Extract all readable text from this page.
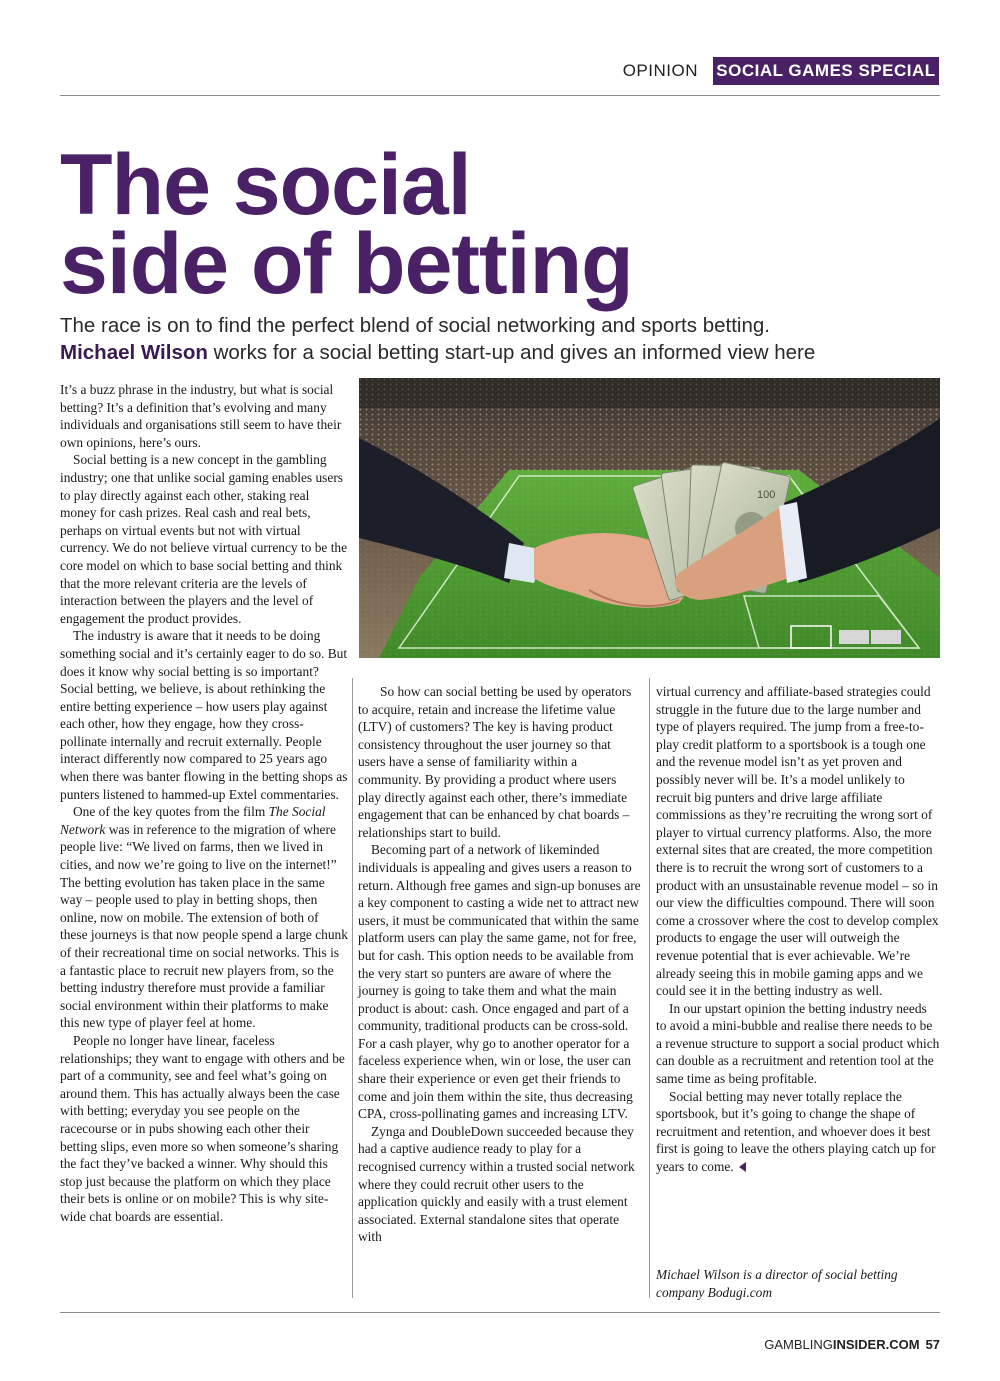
OPINION SOCIAL GAMES SPECIAL
The social
side of betting
The race is on to find the perfect blend of social networking and sports betting.
Michael Wilson works for a social betting start-up and gives an informed view here
100

It’s a buzz phrase in the industry, but what is social betting? It’s a definition that’s evolving and many individuals and organisations still seem to have their own opinions, here’s ours.

Social betting is a new concept in the gambling industry; one that unlike social gaming enables users to play directly against each other, staking real money for cash prizes. Real cash and real bets, perhaps on virtual events but not with virtual currency. We do not believe virtual currency to be the core model on which to base social betting and think that the more relevant criteria are the levels of interaction between the players and the level of engagement the product provides.

The industry is aware that it needs to be doing something social and it’s certainly eager to do so. But does it know why social betting is so important? Social betting, we believe, is about rethinking the entire betting experience – how users play against each other, how they engage, how they cross-pollinate internally and recruit externally. People interact differently now compared to 25 years ago when there was banter flowing in the betting shops as punters listened to hammed-up Extel commentaries.

One of the key quotes from the film The Social Network was in reference to the migration of where people live: “We lived on farms, then we lived in cities, and now we’re going to live on the internet!” The betting evolution has taken place in the same way – people used to play in betting shops, then online, now on mobile. The extension of both of these journeys is that now people spend a large chunk of their recreational time on social networks. This is a fantastic place to recruit new players from, so the betting industry therefore must provide a familiar social environment within their platforms to make this new type of player feel at home.

People no longer have linear, faceless relationships; they want to engage with others and be part of a community, see and feel what’s going on around them. This has actually always been the case with betting; everyday you see people on the racecourse or in pubs showing each other their betting slips, even more so when someone’s sharing the fact they’ve backed a winner. Why should this stop just because the platform on which they place their bets is online or on mobile? This is why site-wide chat boards are essential.

So how can social betting be used by operators to acquire, retain and increase the lifetime value (LTV) of customers? The key is having product consistency throughout the user journey so that users have a sense of familiarity within a community. By providing a product where users play directly against each other, there’s immediate engagement that can be enhanced by chat boards – relationships start to build.

Becoming part of a network of likeminded individuals is appealing and gives users a reason to return. Although free games and sign-up bonuses are a key component to casting a wide net to attract new users, it must be communicated that within the same platform users can play the same game, not for free, but for cash. This option needs to be available from the very start so punters are aware of where the journey is going to take them and what the main product is about: cash. Once engaged and part of a community, traditional products can be cross-sold. For a cash player, why go to another operator for a faceless experience when, win or lose, the user can share their experience or even get their friends to come and join them within the site, thus decreasing CPA, cross-pollinating games and increasing LTV.

Zynga and DoubleDown succeeded because they had a captive audience ready to play for a recognised currency within a trusted social network where they could recruit other users to the application quickly and easily with a trust element associated. External standalone sites that operate with

virtual currency and affiliate-based strategies could struggle in the future due to the large number and type of players required. The jump from a free-to-play credit platform to a sportsbook is a tough one and the revenue model isn’t as yet proven and possibly never will be. It’s a model unlikely to recruit big punters and drive large affiliate commissions as they’re recruiting the wrong sort of player to virtual currency platforms. Also, the more external sites that are created, the more competition there is to recruit the wrong sort of customers to a product with an unsustainable revenue model – so in our view the difficulties compound. There will soon come a crossover where the cost to develop complex products to engage the user will outweigh the revenue potential that is ever achievable. We’re already seeing this in mobile gaming apps and we could see it in the betting industry as well.

In our upstart opinion the betting industry needs to avoid a mini-bubble and realise there needs to be a revenue structure to support a social product which can double as a recruitment and retention tool at the same time as being profitable.

Social betting may never totally replace the sportsbook, but it’s going to change the shape of recruitment and retention, and whoever does it best first is going to leave the others playing catch up for years to come.

Michael Wilson is a director of social betting company Bodugi.com
GAMBLINGINSIDER.COM 57
